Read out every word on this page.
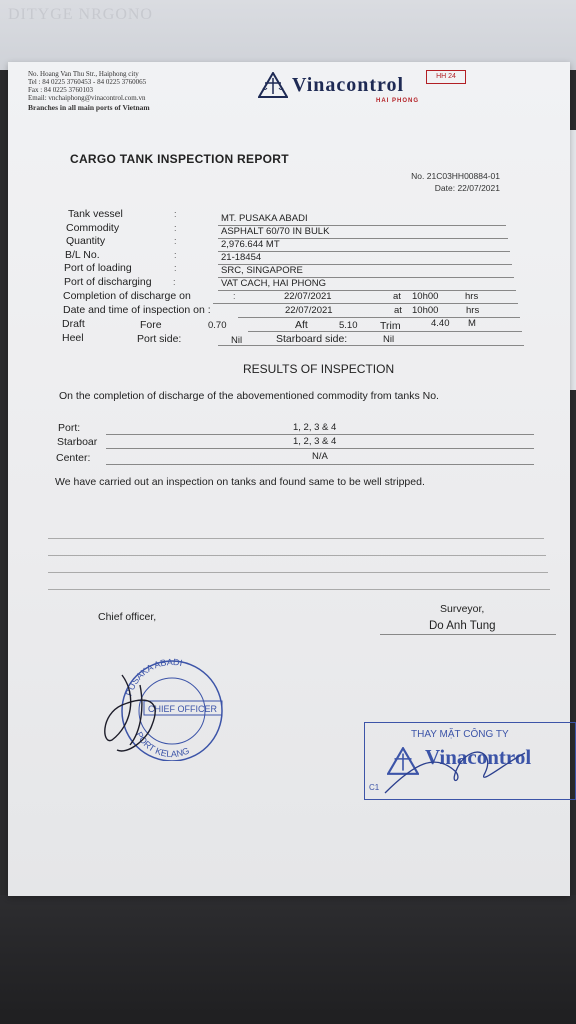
DITYGE NRGONO
No. Hoang Van Thu Str., Haiphong city
Tel : 84 0225 3760453 - 84 0225 3760065
Fax : 84 0225 3760103
Email: vnchaiphong@vinacontrol.com.vn
Branches in all main ports of Vietnam
Vinacontrol
HAI PHONG
HH 24
CARGO TANK INSPECTION REPORT
No. 21C03HH00884-01
Date: 22/07/2021
Tank vessel	:	MT. PUSAKA ABADI
Commodity	:	ASPHALT 60/70 IN BULK
Quantity	:	2,976.644 MT
B/L No.	:	21-18454
Port of loading	:	SRC, SINGAPORE
Port of discharging :	VAT CACH, HAI PHONG
Completion of discharge on	:	22/07/2021	at 10h00	hrs
Date and time of inspection on :	22/07/2021	at 10h00	hrs
Draft	Fore	0.70	Aft	5.10 Trim	4.40 M
Heel	Port side:	Nil	Starboard side:	Nil
RESULTS OF INSPECTION
On the completion of discharge of the abovementioned commodity from tanks No.
Port:	1, 2, 3 & 4
Starboar	1, 2, 3 & 4
Center:	N/A
We have carried out an inspection on tanks and found same to be well stripped.
Chief officer,
Surveyor,
Do Anh Tung
PUSAKA ABADI
PORT KELANG
CHIEF OFFICER
THAY MẶT CÔNG TY
Vinacontrol
C1
